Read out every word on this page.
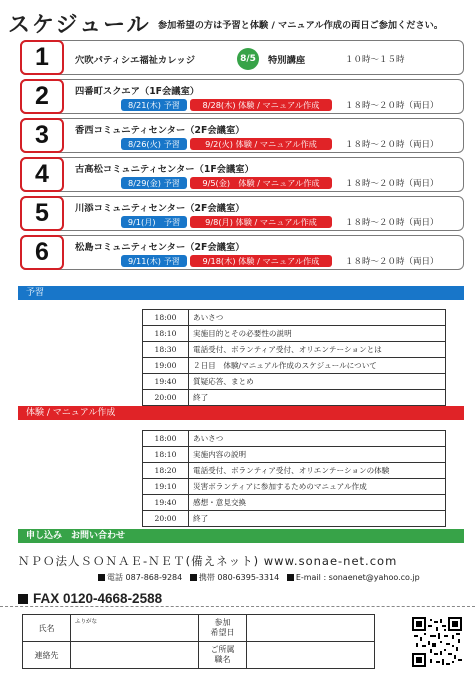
スケジュール 参加希望の方は予習と体験 / マニュアル作成の両日ご参加ください。
1	穴吹パティシエ福祉カレッジ	8/5	特別講座	１０時〜１５時
2	四番町スクエア（1F会議室）
8/21(木) 予習	8/28(木) 体験 / マニュアル作成	１８時〜２０時（両日）
3	香西コミュニティセンター（2F会議室）
8/26(火) 予習	9/2(火) 体験 / マニュアル作成	１８時〜２０時（両日）
4	古高松コミュニティセンター（1F会議室）
8/29(金) 予習	9/5(金)　体験 / マニュアル作成	１８時〜２０時（両日）
5	川添コミュニティセンター（2F会議室）
9/1(月)　予習	9/8(月) 体験 / マニュアル作成	１８時〜２０時（両日）
6	松島コミュニティセンター（2F会議室）
9/11(木) 予習	9/18(木) 体験 / マニュアル作成	１８時〜２０時（両日）
予習
18:00	あいさつ
18:10	実施目的とその必要性の説明
18:30	電話受付、ボランティア受付、オリエンテーションとは
19:00	２日目　体験/マニュアル作成のスケジュールについて
19:40	質疑応答、まとめ
20:00	終了
体験 / マニュアル作成
18:00	あいさつ
18:10	実施内容の説明
18:20	電話受付、ボランティア受付、オリエンテーションの体験
19:10	災害ボランティアに参加するためのマニュアル作成
19:40	感想・意見交換
20:00	終了
申し込み　お問い合わせ
ＮＰＯ法人ＳＯＮＡＥ-ＮＥＴ(備えネット) www.sonae-net.com
電話 087-868-9284 携帯 080-6395-3314 E-mail : sonaenet@yahoo.co.jp
FAX 0120-4668-2588
氏名	ふりがな	参加
希望日	
連絡先		ご所属
職名	
